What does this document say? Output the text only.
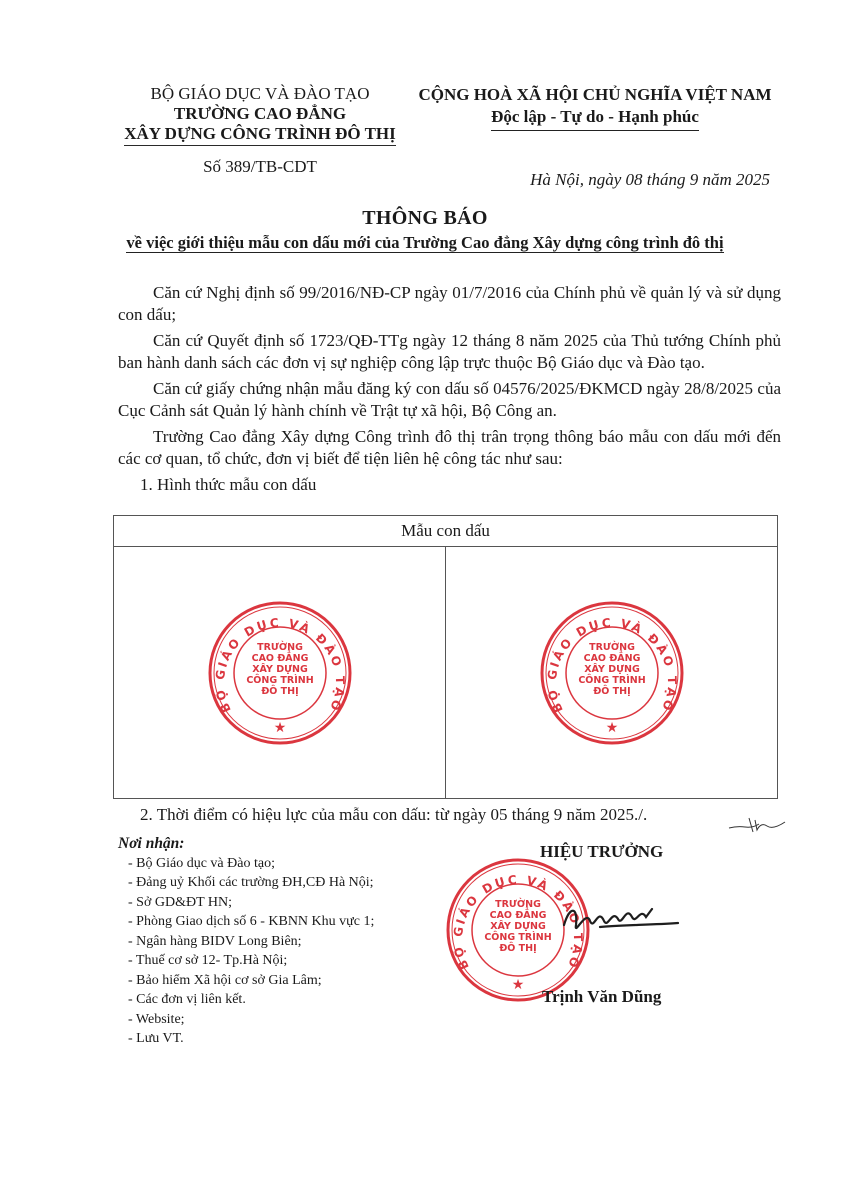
BỘ GIÁO DỤC VÀ ĐÀO TẠO
TRƯỜNG CAO ĐẲNG
XÂY DỰNG CÔNG TRÌNH ĐÔ THỊ
Số 389/TB-CDT
CỘNG HOÀ XÃ HỘI CHỦ NGHĨA VIỆT NAM
Độc lập - Tự do - Hạnh phúc
Hà Nội, ngày 08 tháng 9 năm 2025
THÔNG BÁO
về việc giới thiệu mẫu con dấu mới của Trường Cao đẳng Xây dựng công trình đô thị

Căn cứ Nghị định số 99/2016/NĐ-CP ngày 01/7/2016 của Chính phủ về quản lý và sử dụng con dấu;

Căn cứ Quyết định số 1723/QĐ-TTg ngày 12 tháng 8 năm 2025 của Thủ tướng Chính phủ ban hành danh sách các đơn vị sự nghiệp công lập trực thuộc Bộ Giáo dục và Đào tạo.

Căn cứ giấy chứng nhận mẫu đăng ký con dấu số 04576/2025/ĐKMCD ngày 28/8/2025 của Cục Cảnh sát Quản lý hành chính về Trật tự xã hội, Bộ Công an.

Trường Cao đẳng Xây dựng Công trình đô thị trân trọng thông báo mẫu con dấu mới đến các cơ quan, tổ chức, đơn vị biết để tiện liên hệ công tác như sau:

1. Hình thức mẫu con dấu

Mẫu con dấu
BỘ GIÁO DỤC VÀ ĐÀO TẠO
TRƯỜNG
CAO ĐẲNG
XÂY DỰNG
CÔNG TRÌNH
ĐÔ THỊ
★
BỘ GIÁO DỤC VÀ ĐÀO TẠO
TRƯỜNG
CAO ĐẲNG
XÂY DỰNG
CÔNG TRÌNH
ĐÔ THỊ
★
2. Thời điểm có hiệu lực của mẫu con dấu: từ ngày 05 tháng 9 năm 2025./.
Nơi nhận:
- Bộ Giáo dục và Đào tạo;
- Đảng uỷ Khối các trường ĐH,CĐ Hà Nội;
- Sở GD&ĐT HN;
- Phòng Giao dịch số 6 - KBNN Khu vực 1;
- Ngân hàng BIDV Long Biên;
- Thuế cơ sở 12- Tp.Hà Nội;
- Bảo hiểm Xã hội cơ sở Gia Lâm;
- Các đơn vị liên kết.
- Website;
- Lưu VT.
HIỆU TRƯỞNG
BỘ GIÁO DỤC VÀ ĐÀO TẠO
TRƯỜNG
CAO ĐẲNG
XÂY DỰNG
CÔNG TRÌNH
ĐÔ THỊ
★
Trịnh Văn Dũng
